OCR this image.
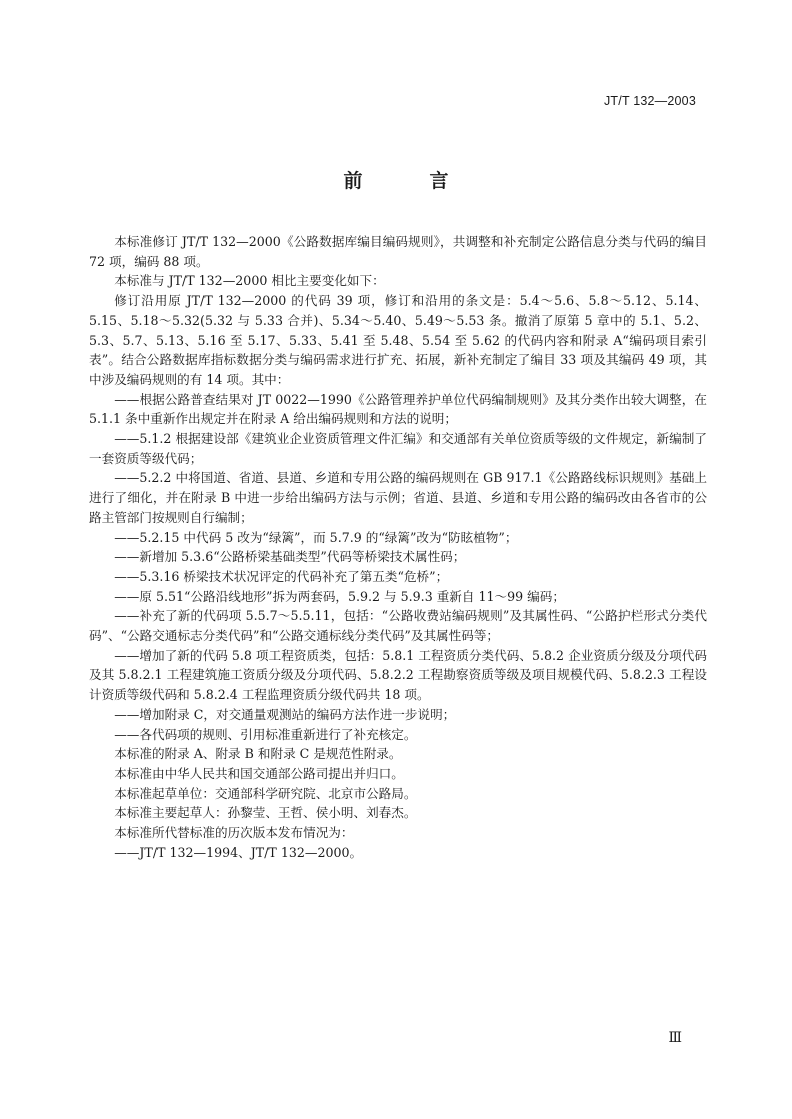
JT/T 132—2003
前　言

本标准修订 JT/T 132—2000《公路数据库编目编码规则》，共调整和补充制定公路信息分类与代码的编目 72 项，编码 88 项。

本标准与 JT/T 132—2000 相比主要变化如下：

修订沿用原 JT/T 132—2000 的代码 39 项，修订和沿用的条文是：5.4～5.6、5.8～5.12、5.14、5.15、5.18～5.32(5.32 与 5.33 合并)、5.34～5.40、5.49～5.53 条。撤消了原第 5 章中的 5.1、5.2、5.3、5.7、5.13、5.16 至 5.17、5.33、5.41 至 5.48、5.54 至 5.62 的代码内容和附录 A“编码项目索引表”。结合公路数据库指标数据分类与编码需求进行扩充、拓展，新补充制定了编目 33 项及其编码 49 项，其中涉及编码规则的有 14 项。其中：

——根据公路普查结果对 JT 0022—1990《公路管理养护单位代码编制规则》及其分类作出较大调整，在 5.1.1 条中重新作出规定并在附录 A 给出编码规则和方法的说明；

——5.1.2 根据建设部《建筑业企业资质管理文件汇编》和交通部有关单位资质等级的文件规定，新编制了一套资质等级代码；

——5.2.2 中将国道、省道、县道、乡道和专用公路的编码规则在 GB 917.1《公路路线标识规则》基础上进行了细化，并在附录 B 中进一步给出编码方法与示例；省道、县道、乡道和专用公路的编码改由各省市的公路主管部门按规则自行编制；

——5.2.15 中代码 5 改为“绿篱”，而 5.7.9 的“绿篱”改为“防眩植物”；

——新增加 5.3.6“公路桥梁基础类型”代码等桥梁技术属性码；

——5.3.16 桥梁技术状况评定的代码补充了第五类“危桥”；

——原 5.51“公路沿线地形”拆为两套码，5.9.2 与 5.9.3 重新自 11～99 编码；

——补充了新的代码项 5.5.7～5.5.11，包括：“公路收费站编码规则”及其属性码、“公路护栏形式分类代码”、“公路交通标志分类代码”和“公路交通标线分类代码”及其属性码等；

——增加了新的代码 5.8 项工程资质类，包括：5.8.1 工程资质分类代码、5.8.2 企业资质分级及分项代码及其 5.8.2.1 工程建筑施工资质分级及分项代码、5.8.2.2 工程勘察资质等级及项目规模代码、5.8.2.3 工程设计资质等级代码和 5.8.2.4 工程监理资质分级代码共 18 项。

——增加附录 C，对交通量观测站的编码方法作进一步说明；

——各代码项的规则、引用标准重新进行了补充核定。

本标准的附录 A、附录 B 和附录 C 是规范性附录。

本标准由中华人民共和国交通部公路司提出并归口。

本标准起草单位：交通部科学研究院、北京市公路局。

本标准主要起草人：孙黎莹、王哲、侯小明、刘春杰。

本标准所代替标准的历次版本发布情况为：

——JT/T 132—1994、JT/T 132—2000。

Ⅲ
